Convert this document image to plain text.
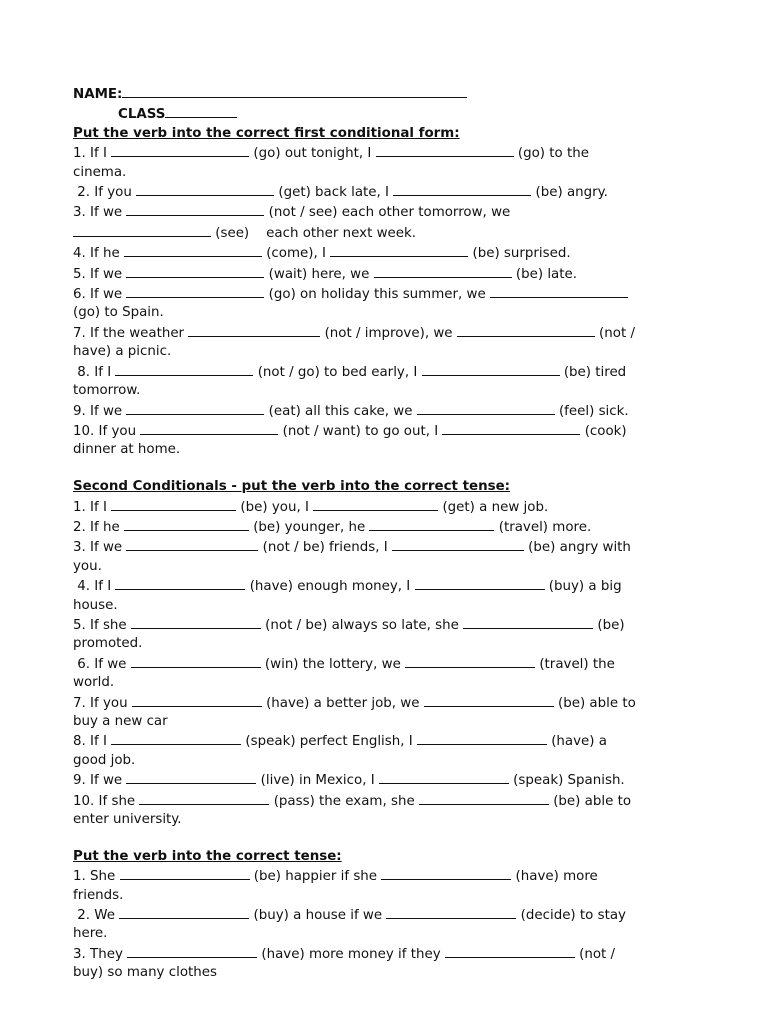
NAME:
CLASS
Put the verb into the correct first conditional form:
1. If I	(go) out tonight, I	(go) to the
cinema.
2. If you	(get) back late, I	(be) angry.
3. If we	(not / see) each other tomorrow, we
(see)    each other next week.
4. If he	(come), I	(be) surprised.
5. If we	(wait) here, we	(be) late.
6. If we	(go) on holiday this summer, we
(go) to Spain.
7. If the weather	(not / improve), we	(not /
have) a picnic.
8. If I	(not / go) to bed early, I	(be) tired
tomorrow.
9. If we	(eat) all this cake, we	(feel) sick.
10. If you	(not / want) to go out, I	(cook)
dinner at home.
Second Conditionals - put the verb into the correct tense:
1. If I	(be) you, I	(get) a new job.
2. If he	(be) younger, he	(travel) more.
3. If we	(not / be) friends, I	(be) angry with
you.
4. If I	(have) enough money, I	(buy) a big
house.
5. If she	(not / be) always so late, she	(be)
promoted.
6. If we	(win) the lottery, we	(travel) the
world.
7. If you	(have) a better job, we	(be) able to
buy a new car
8. If I	(speak) perfect English, I	(have) a
good job.
9. If we	(live) in Mexico, I	(speak) Spanish.
10. If she	(pass) the exam, she	(be) able to
enter university.
Put the verb into the correct tense:
1. She	(be) happier if she	(have) more
friends.
2. We	(buy) a house if we	(decide) to stay
here.
3. They	(have) more money if they	(not /
buy) so many clothes
